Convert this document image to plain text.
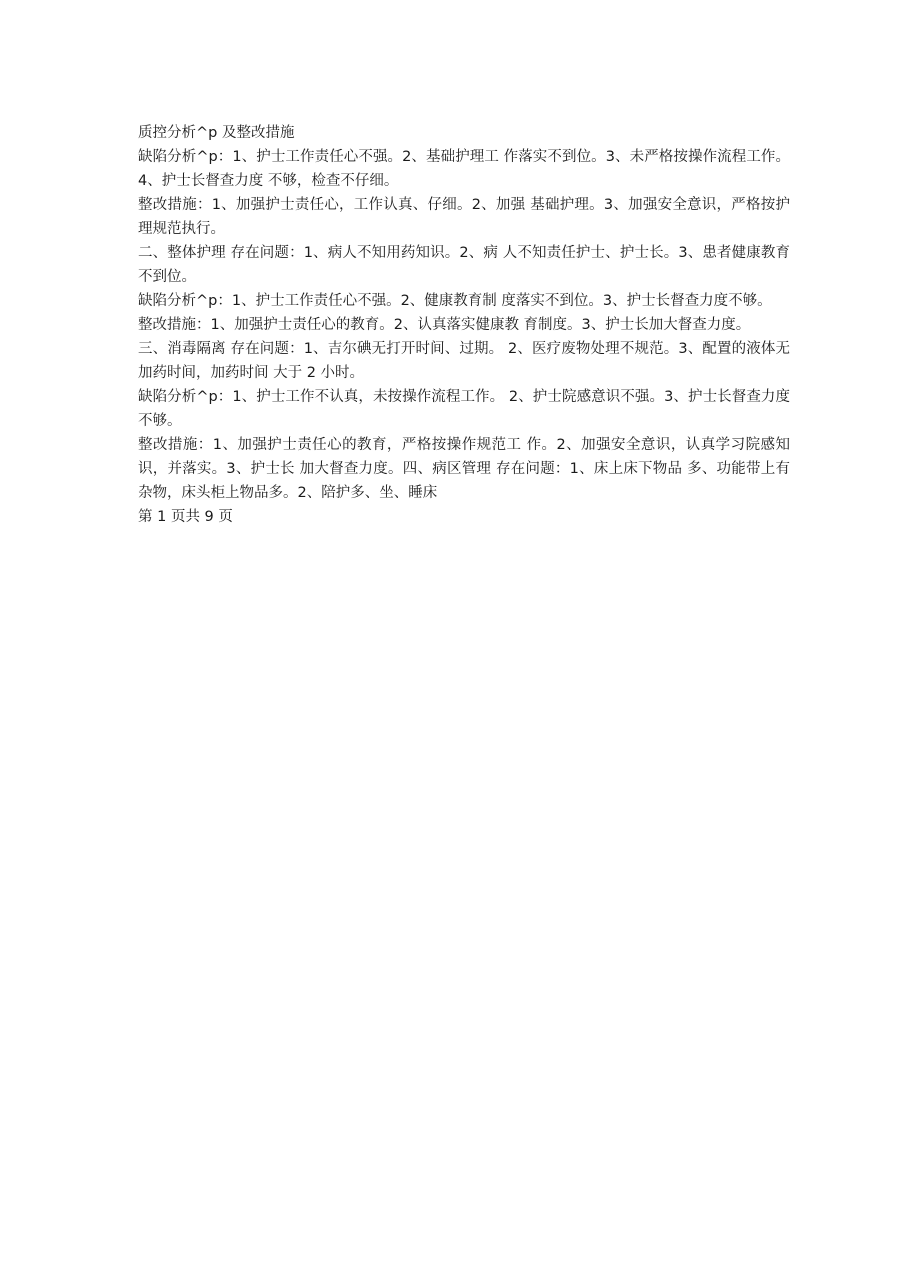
质控分析^p 及整改措施

缺陷分析^p：1、护士工作责任心不强。2、基础护理工 作落实不到位。3、未严格按操作流程工作。4、护士长督查力度 不够，检查不仔细。

整改措施：1、加强护士责任心，工作认真、仔细。2、加强 基础护理。3、加强安全意识，严格按护理规范执行。

二、整体护理 存在问题：1、病人不知用药知识。2、病 人不知责任护士、护士长。3、患者健康教育不到位。

缺陷分析^p：1、护士工作责任心不强。2、健康教育制 度落实不到位。3、护士长督查力度不够。

整改措施：1、加强护士责任心的教育。2、认真落实健康教 育制度。3、护士长加大督查力度。

三、消毒隔离 存在问题：1、吉尔碘无打开时间、过期。 2、医疗废物处理不规范。3、配置的液体无加药时间，加药时间 大于 2 小时。

缺陷分析^p：1、护士工作不认真，未按操作流程工作。 2、护士院感意识不强。3、护士长督查力度不够。

整改措施：1、加强护士责任心的教育，严格按操作规范工 作。2、加强安全意识，认真学习院感知识，并落实。3、护士长 加大督查力度。四、病区管理 存在问题：1、床上床下物品 多、功能带上有杂物，床头柜上物品多。2、陪护多、坐、睡床

第 1 页共 9 页
